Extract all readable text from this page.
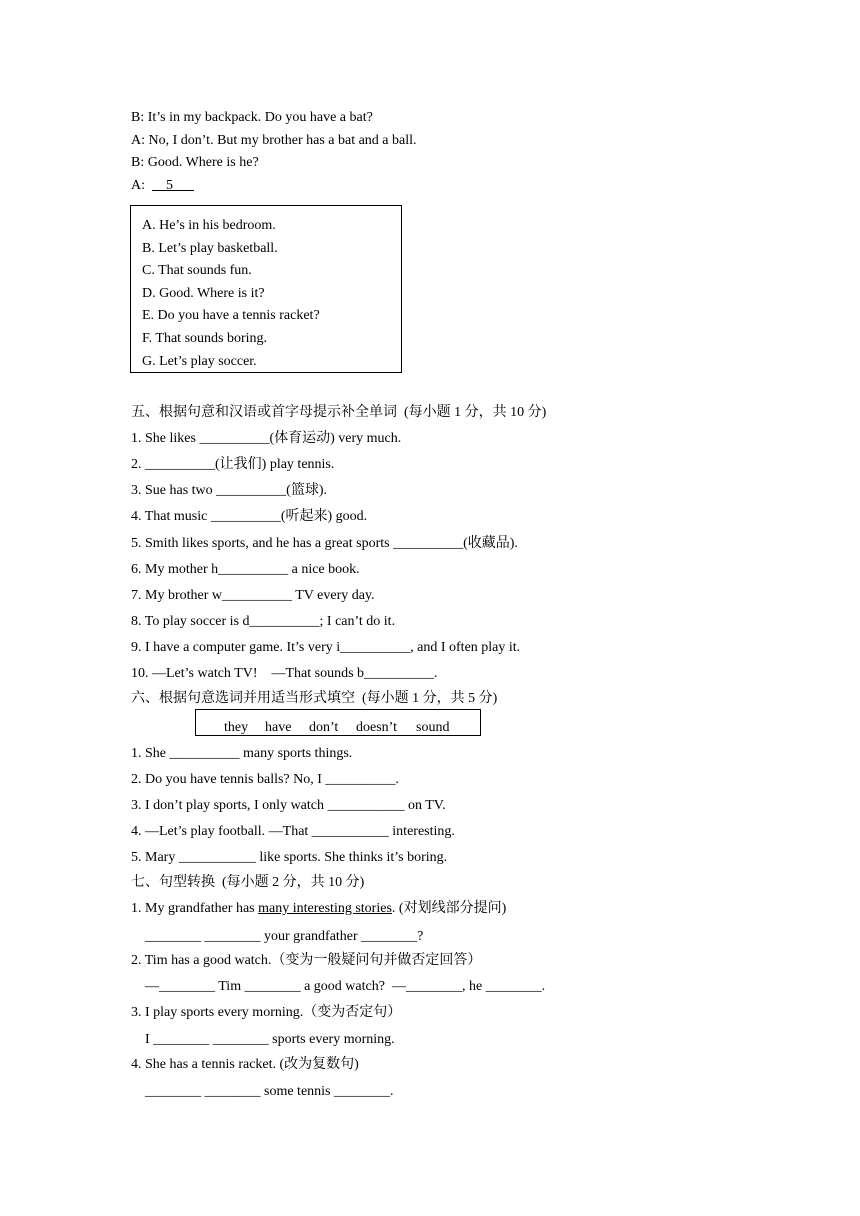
B: It’s in my backpack. Do you have a bat?
A: No, I don’t. But my brother has a bat and a ball.
B: Good. Where is he?
A:      5
A. He’s in his bedroom.
B. Let’s play basketball.
C. That sounds fun.
D. Good. Where is it?
E. Do you have a tennis racket?
F. That sounds boring.
G. Let’s play soccer.
五、根据句意和汉语或首字母提示补全单词  (每小题 1 分，共 10 分)
1. She likes __________(体育运动) very much.
2. __________(让我们) play tennis.
3. Sue has two __________(篮球).
4. That music __________(听起来) good.
5. Smith likes sports, and he has a great sports __________(收藏品).
6. My mother h__________ a nice book.
7. My brother w__________ TV every day.
8. To play soccer is d__________; I can’t do it.
9. I have a computer game. It’s very i__________, and I often play it.
10. —Let’s watch TV!    —That sounds b__________.
六、根据句意选词并用适当形式填空  (每小题 1 分，共 5 分)
they have don’t doesn’t sound
1. She __________ many sports things.
2. Do you have tennis balls? No, I __________.
3. I don’t play sports, I only watch ___________ on TV.
4. —Let’s play football. —That ___________ interesting.
5. Mary ___________ like sports. She thinks it’s boring.
七、句型转换  (每小题 2 分，共 10 分)
1. My grandfather has many interesting stories. (对划线部分提问)
________ ________ your grandfather ________?
2. Tim has a good watch.（变为一般疑问句并做否定回答）
—________ Tim ________ a good watch?  —________, he ________.
3. I play sports every morning.（变为否定句）
I ________ ________ sports every morning.
4. She has a tennis racket. (改为复数句)
________ ________ some tennis ________.
